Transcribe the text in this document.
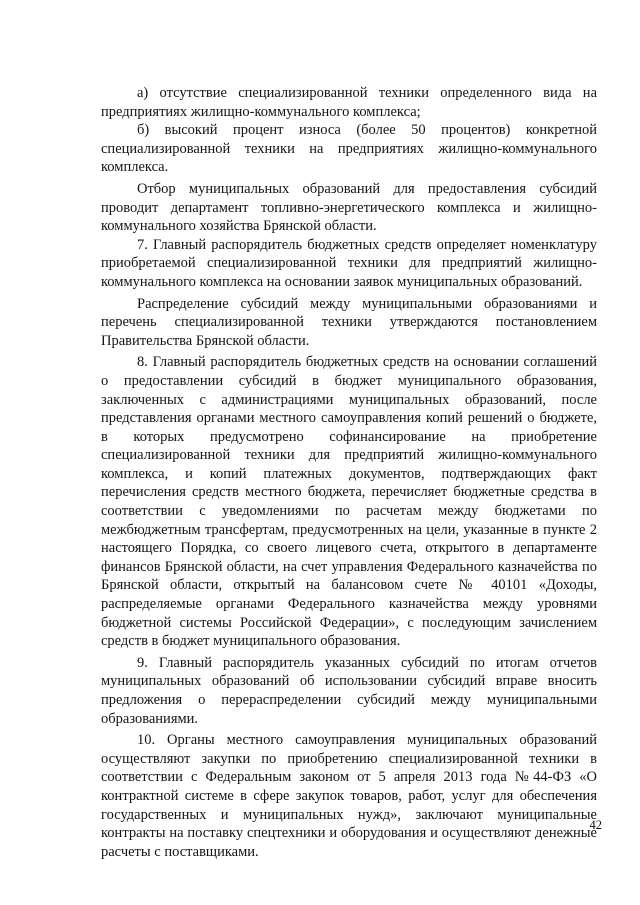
а) отсутствие специализированной техники определенного вида на предприятиях жилищно-коммунального комплекса;

б) высокий процент износа (более 50 процентов) конкретной специализированной техники на предприятиях жилищно-коммунального комплекса.

Отбор муниципальных образований для предоставления субсидий проводит департамент топливно-энергетического комплекса и жилищно-коммунального хозяйства Брянской области.

7. Главный распорядитель бюджетных средств определяет номенклатуру приобретаемой специализированной техники для предприятий жилищно-коммунального комплекса на основании заявок муниципальных образований.

Распределение субсидий между муниципальными образованиями и перечень специализированной техники утверждаются постановлением Правительства Брянской области.

8. Главный распорядитель бюджетных средств на основании соглашений о предоставлении субсидий в бюджет муниципального образования, заключенных с администрациями муниципальных образований, после представления органами местного самоуправления копий решений о бюджете, в которых предусмотрено софинансирование на приобретение специализированной техники для предприятий жилищно-коммунального комплекса, и копий платежных документов, подтверждающих факт перечисления средств местного бюджета, перечисляет бюджетные средства в соответствии с уведомлениями по расчетам между бюджетами по межбюджетным трансфертам, предусмотренных на цели, указанные в пункте 2 настоящего Порядка, со своего лицевого счета, открытого в департаменте финансов Брянской области, на счет управления Федерального казначейства по Брянской области, открытый на балансовом счете № 40101 «Доходы, распределяемые органами Федерального казначейства между уровнями бюджетной системы Российской Федерации», с последующим зачислением средств в бюджет муниципального образования.

9. Главный распорядитель указанных субсидий по итогам отчетов муниципальных образований об использовании субсидий вправе вносить предложения о перераспределении субсидий между муниципальными образованиями.

10. Органы местного самоуправления муниципальных образований осуществляют закупки по приобретению специализированной техники в соответствии с Федеральным законом от 5 апреля 2013 года №44-ФЗ «О контрактной системе в сфере закупок товаров, работ, услуг для обеспечения государственных и муниципальных нужд», заключают муниципальные контракты на поставку спецтехники и оборудования и осуществляют денежные расчеты с поставщиками.

42
